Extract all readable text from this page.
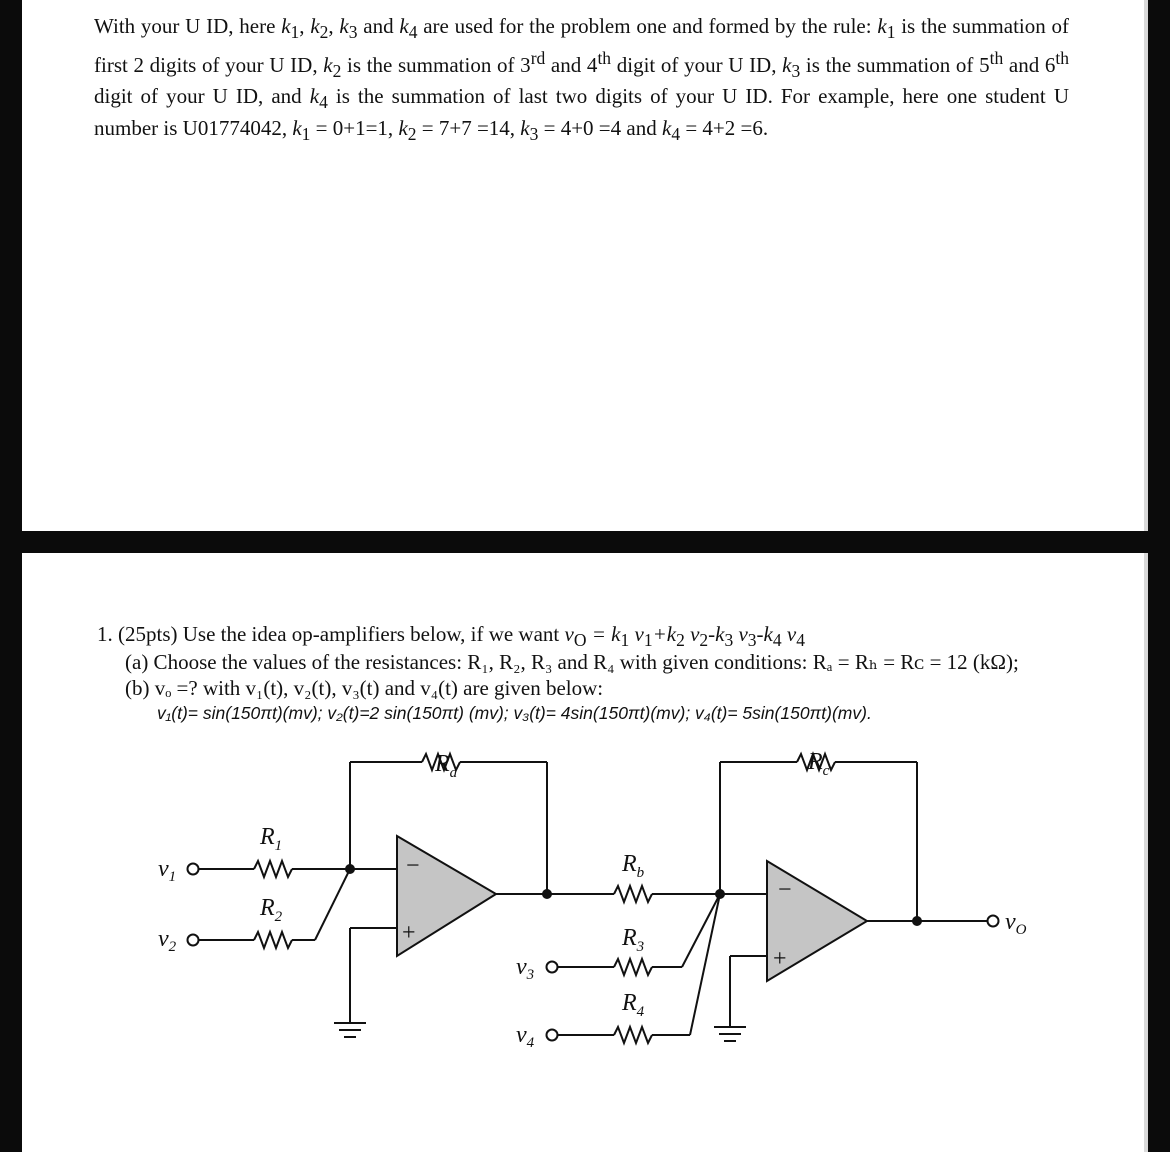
With your U ID, here $k_1$, $k_2$, $k_3$ and $k_4$ are used for the problem one and formed by the rule: $k_1$ is the summation of first 2 digits of your U ID, $k_2$ is the summation of 3rd and 4th digit of your U ID, $k_3$ is the summation of 5th and 6th digit of your U ID, and $k_4$ is the summation of last two digits of your U ID. For example, here one student U number is U01774042, $k_1 = 0+1=1$, $k_2 = 7+7 =14$, $k_3 = 4+0 =4$ and $k_4 = 4+2 =6$.
1. (25pts) Use the idea op-amplifiers below, if we want $v_O = k_1$ $v_1+k_2$ $v_2-k_3$ $v_3-k_4$ $v_4$
(a) Choose the values of the resistances: R₁, R₂, R₃ and R₄ with given conditions: Rₐ = Rₕ = Rᴄ = 12 (kΩ);
(b) vₒ =? with v₁(t), v₂(t), v₃(t) and v₄(t) are given below:
v₁(t)= sin(150πt)(mv); v₂(t)=2 sin(150πt) (mv); v₃(t)= 4sin(150πt)(mv); v₄(t)= 5sin(150πt)(mv).
−
+
−
+
$R_a$	$R_c$
$R_1$
$R_2$
$R_b$
$R_3$
$R_4$
$v_1$
$v_2$
$v_3$
$v_4$
$v_O$
